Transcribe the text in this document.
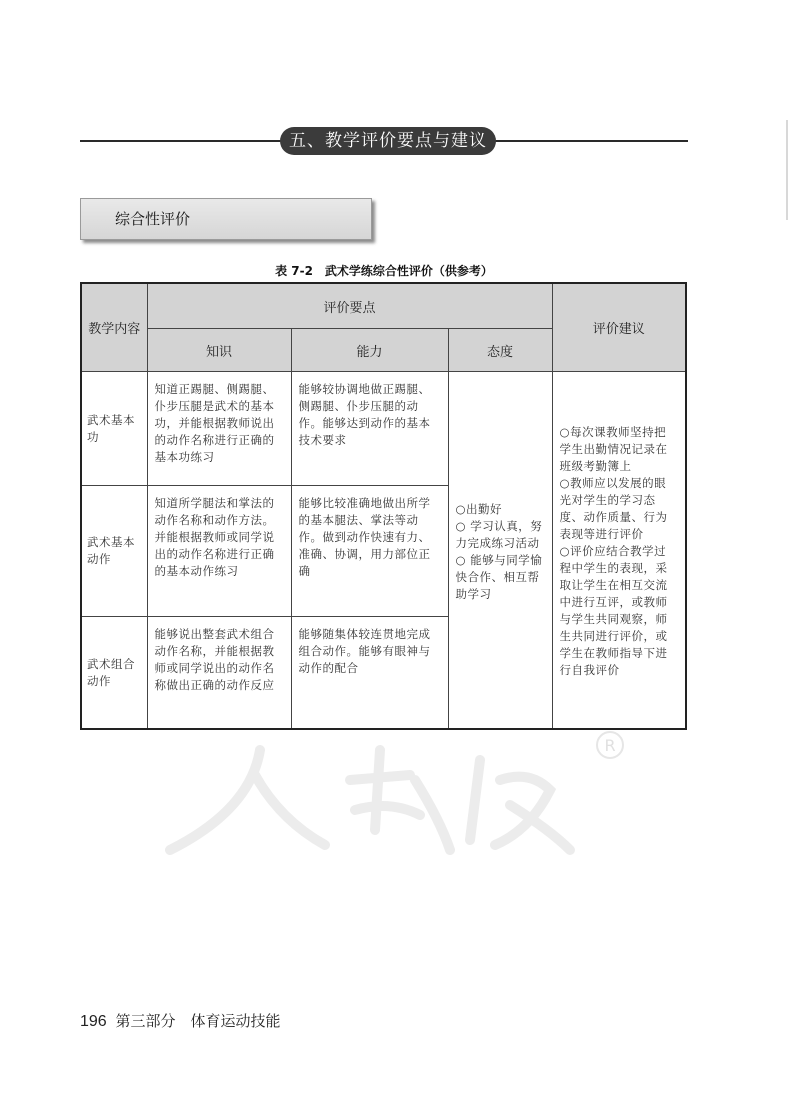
五、教学评价要点与建议
综合性评价
表 7-2　武术学练综合性评价（供参考）
教学内容	评价要点			评价建议
	知识	能力	态度	
武术基本功	知道正踢腿、侧踢腿、仆步压腿是武术的基本功，并能根据教师说出的动作名称进行正确的基本功练习	能够较协调地做正踢腿、侧踢腿、仆步压腿的动作。能够达到动作的基本技术要求	○出勤好
○ 学习认真，努力完成练习活动
○ 能够与同学愉快合作、相互帮助学习	○每次课教师坚持把学生出勤情况记录在班级考勤簿上
○教师应以发展的眼光对学生的学习态度、动作质量、行为表现等进行评价
○评价应结合教学过程中学生的表现，采取让学生在相互交流中进行互评，或教师与学生共同观察，师生共同进行评价，或学生在教师指导下进行自我评价
武术基本动作	知道所学腿法和掌法的动作名称和动作方法。并能根据教师或同学说出的动作名称进行正确的基本动作练习	能够比较准确地做出所学的基本腿法、掌法等动作。做到动作快速有力、准确、协调，用力部位正确		
武术组合动作	能够说出整套武术组合动作名称，并能根据教师或同学说出的动作名称做出正确的动作反应	能够随集体较连贯地完成组合动作。能够有眼神与动作的配合		
R
196 第三部分　体育运动技能
